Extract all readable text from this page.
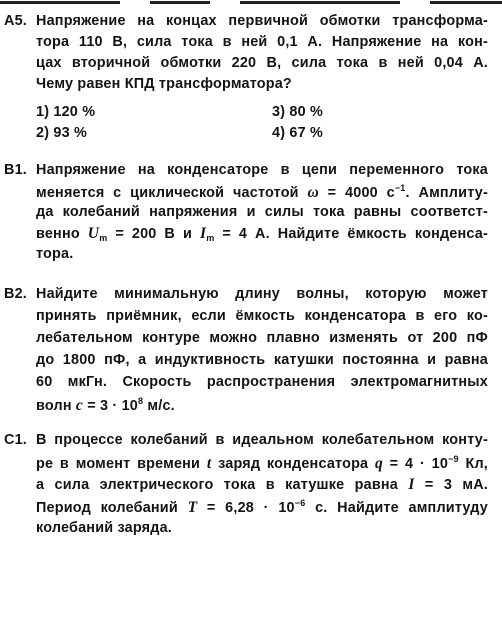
A5. Напряжение на концах первичной обмотки трансформа-
тора 110 В, сила тока в ней 0,1 А. Напряжение на кон-
цах вторичной обмотки 220 В, сила тока в ней 0,04 А.
Чему равен КПД трансформатора?
1) 120 %
2) 93 %
3) 80 %
4) 67 %
B1. Напряжение на конденсаторе в цепи переменного тока
меняется с циклической частотой ω = 4000 $с^{-1}$. Амплиту-
да колебаний напряжения и силы тока равны соответст-
венно $U_m = 200$ В и $I_m = 4$ А. Найдите ёмкость конденса-
тора.
B2. Найдите минимальную длину волны, которую может
принять приёмник, если ёмкость конденсатора в его ко-
лебательном контуре можно плавно изменять от 200 пФ
до 1800 пФ, а индуктивность катушки постоянна и равна
60 мкГн. Скорость распространения электромагнитных
волн $c = 3 \cdot 10^8$ м/с.
C1. В процессе колебаний в идеальном колебательном конту-
ре в момент времени t заряд конденсатора $q = 4 \cdot 10^{-9}$ Кл,
а сила электрического тока в катушке равна I = 3 мА.
Период колебаний $T = 6,28 \cdot 10^{-6}$ с. Найдите амплитуду
колебаний заряда.
